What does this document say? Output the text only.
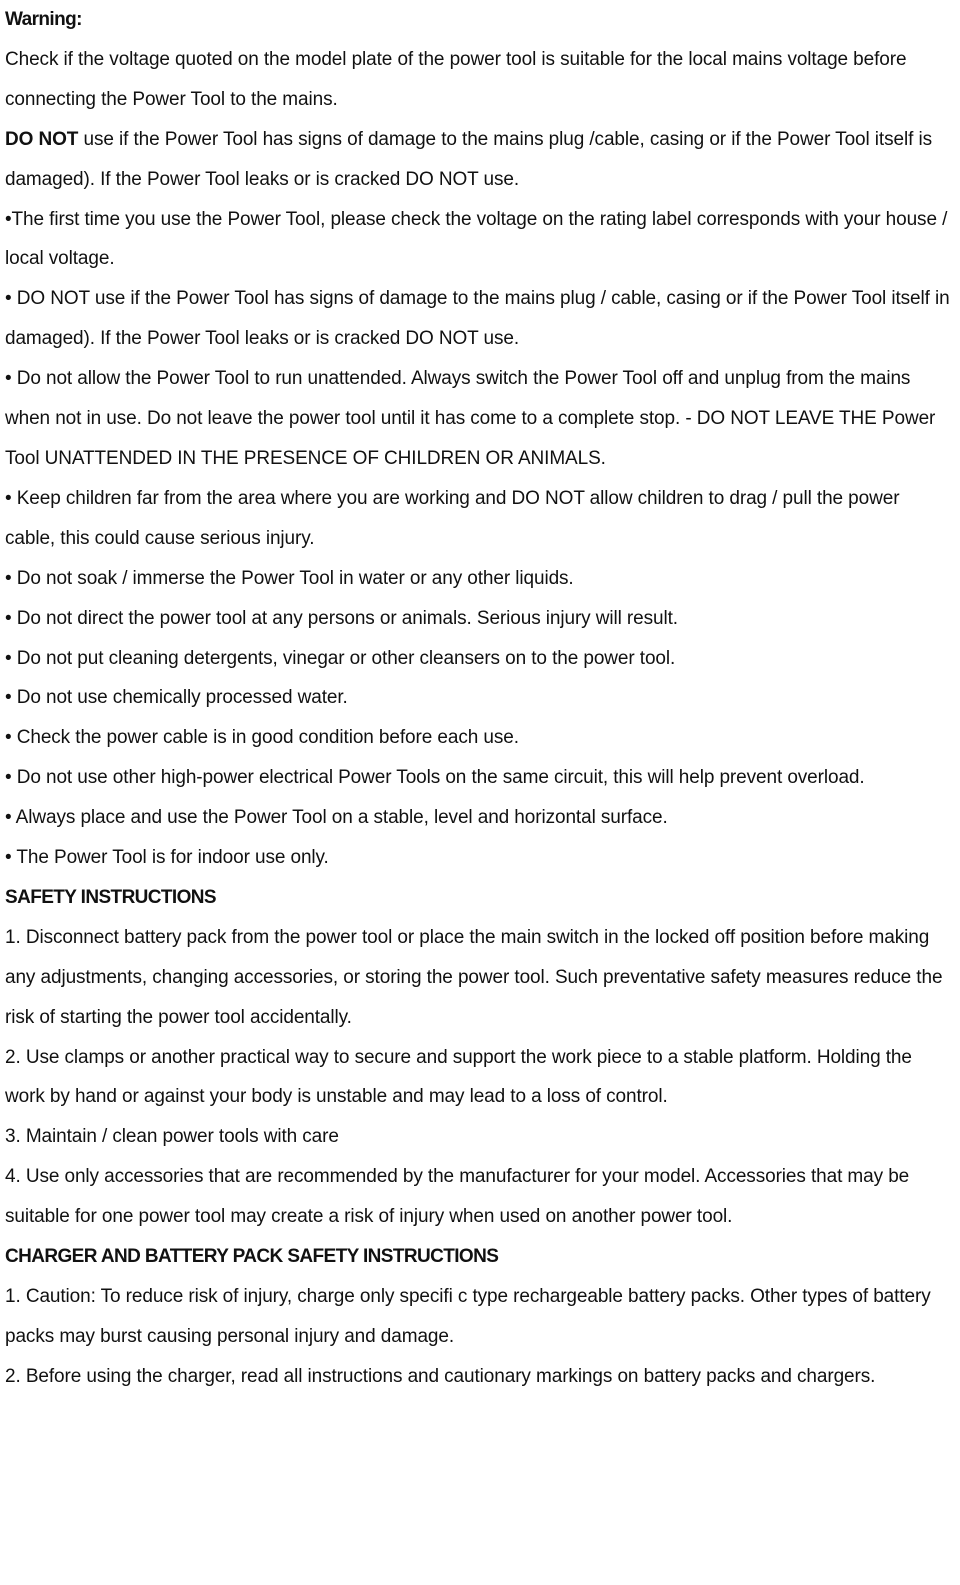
Warning:

Check if the voltage quoted on the model plate of the power tool is suitable for the local mains voltage before connecting the Power Tool to the mains.

DO NOT use if the Power Tool has signs of damage to the mains plug /cable, casing or if the Power Tool itself is damaged). If the Power Tool leaks or is cracked DO NOT use.

•The first time you use the Power Tool, please check the voltage on the rating label corresponds with your house / local voltage.

• DO NOT use if the Power Tool has signs of damage to the mains plug / cable, casing or if the Power Tool itself in damaged). If the Power Tool leaks or is cracked DO NOT use.

• Do not allow the Power Tool to run unattended. Always switch the Power Tool off and unplug from the mains when not in use. Do not leave the power tool until it has come to a complete stop. - DO NOT LEAVE THE Power Tool UNATTENDED IN THE PRESENCE OF CHILDREN OR ANIMALS.

• Keep children far from the area where you are working and DO NOT allow children to drag / pull the power cable, this could cause serious injury.

• Do not soak / immerse the Power Tool in water or any other liquids.

• Do not direct the power tool at any persons or animals. Serious injury will result.

• Do not put cleaning detergents, vinegar or other cleansers on to the power tool.

• Do not use chemically processed water.

• Check the power cable is in good condition before each use.

• Do not use other high-power electrical Power Tools on the same circuit, this will help prevent overload.

• Always place and use the Power Tool on a stable, level and horizontal surface.

• The Power Tool is for indoor use only.

SAFETY INSTRUCTIONS

1. Disconnect battery pack from the power tool or place the main switch in the locked off position before making any adjustments, changing accessories, or storing the power tool. Such preventative safety measures reduce the risk of starting the power tool accidentally.

2. Use clamps or another practical way to secure and support the work piece to a stable platform. Holding the work by hand or against your body is unstable and may lead to a loss of control.

3. Maintain / clean power tools with care

4. Use only accessories that are recommended by the manufacturer for your model. Accessories that may be suitable for one power tool may create a risk of injury when used on another power tool.

CHARGER AND BATTERY PACK SAFETY INSTRUCTIONS

1. Caution: To reduce risk of injury, charge only specifi c type rechargeable battery packs. Other types of battery packs may burst causing personal injury and damage.

2. Before using the charger, read all instructions and cautionary markings on battery packs and chargers.
